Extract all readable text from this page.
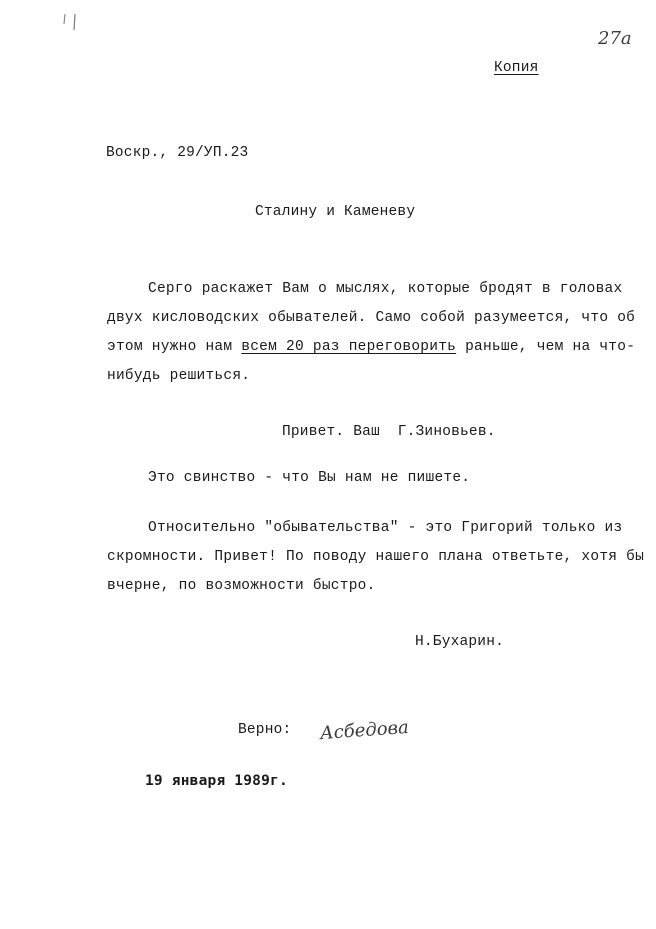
27а
Копия
Воскр., 29/УП.23
Сталину и Каменеву
Серго раскажет Вам о мыслях, которые бродят в головах
двух кисловодских обывателей. Само собой разумеется, что об
этом нужно нам всем 20 раз переговорить раньше, чем на что-
нибудь решиться.
Привет. Ваш  Г.Зиновьев.
Это свинство - что Вы нам не пишете.
Относительно "обывательства" - это Григорий только из
скромности. Привет! По поводу нашего плана ответьте, хотя бы
вчерне, по возможности быстро.
Н.Бухарин.
Верно: Асбедова
19 января 1989г.
